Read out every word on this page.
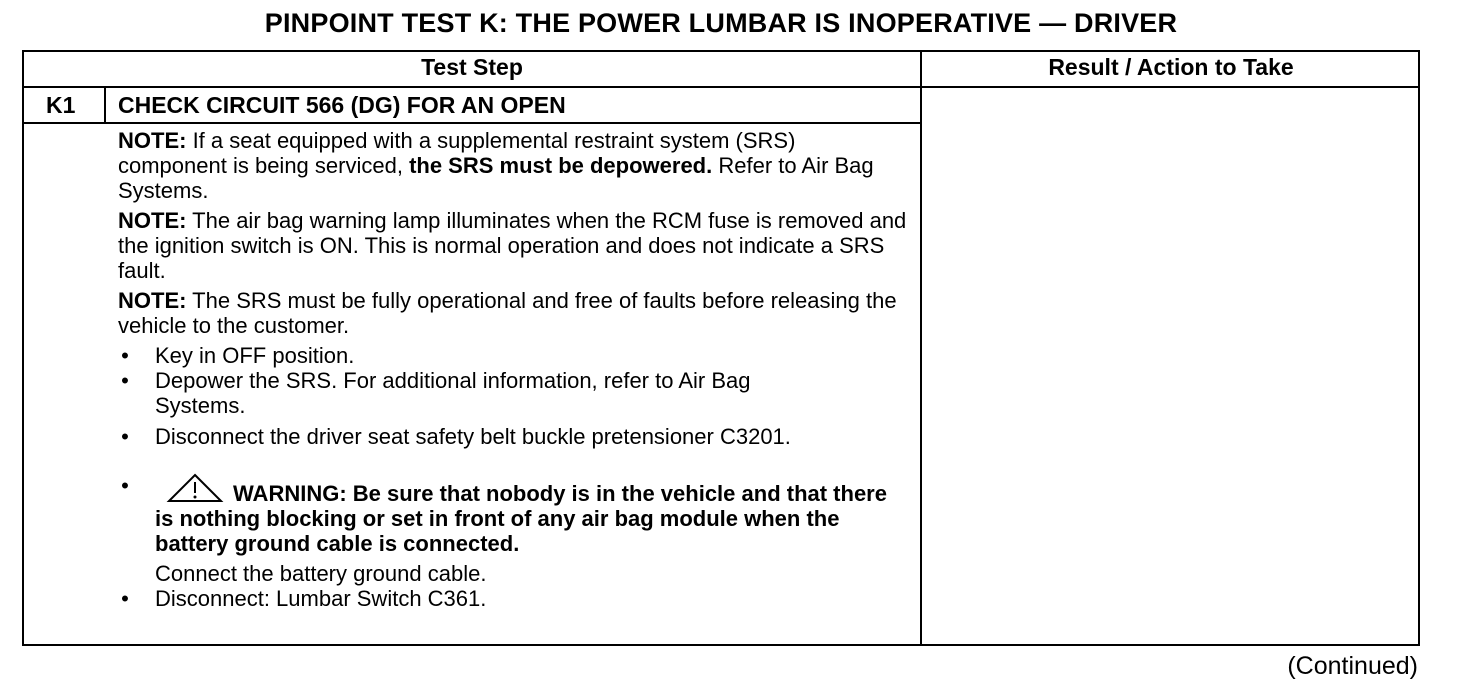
PINPOINT TEST K: THE POWER LUMBAR IS INOPERATIVE — DRIVER
Test Step	Result / Action to Take
K1 CHECK CIRCUIT 566 (DG) FOR AN OPEN

NOTE: If a seat equipped with a supplemental restraint system (SRS) component is being serviced, the SRS must be depowered. Refer to Air Bag Systems.

NOTE: The air bag warning lamp illuminates when the RCM fuse is removed and the ignition switch is ON. This is normal operation and does not indicate a SRS fault.

NOTE: The SRS must be fully operational and free of faults before releasing the vehicle to the customer.

• Key in OFF position.
• Depower the SRS. For additional information, refer to Air Bag Systems.
• Disconnect the driver seat safety belt buckle pretensioner C3201.
•	WARNING: Be sure that nobody is in the vehicle and that there is nothing blocking or set in front of any air bag module when the battery ground cable is connected.
Connect the battery ground cable.
• Disconnect: Lumbar Switch C361.
(Continued)
